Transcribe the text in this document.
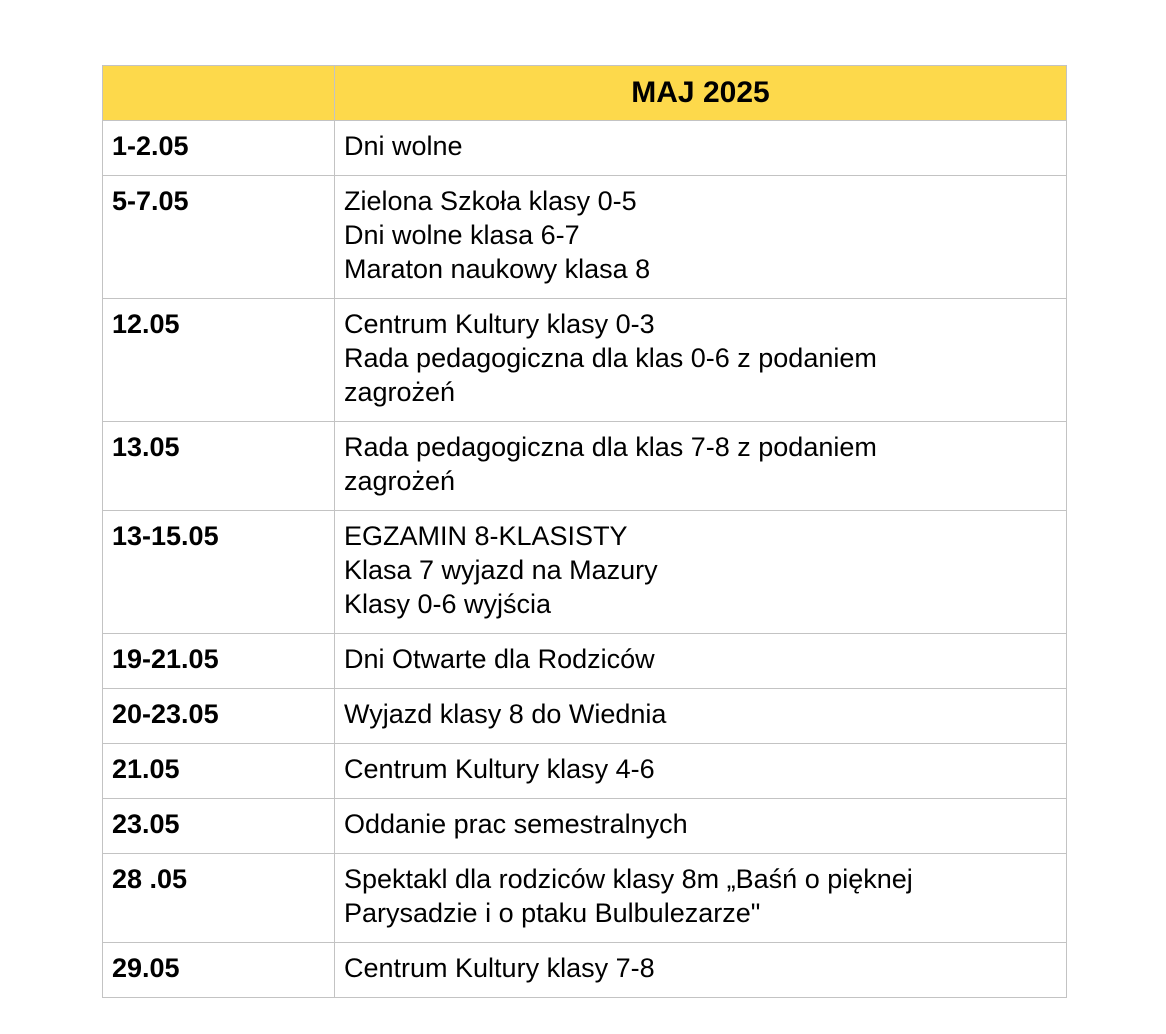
	MAJ 2025
1-2.05	Dni wolne

5-7.05	Zielona Szkoła klasy 0-5
Dni wolne klasa 6-7
Maraton naukowy klasa 8

12.05	Centrum Kultury klasy 0-3
Rada pedagogiczna dla klas 0-6 z podaniem
zagrożeń

13.05	Rada pedagogiczna dla klas 7-8 z podaniem
zagrożeń

13-15.05	EGZAMIN 8-KLASISTY
Klasa 7 wyjazd na Mazury
Klasy 0-6 wyjścia

19-21.05	Dni Otwarte dla Rodziców

20-23.05	Wyjazd klasy 8 do Wiednia

21.05	Centrum Kultury klasy 4-6

23.05	Oddanie prac semestralnych

28 .05	Spektakl dla rodziców klasy 8m „Baśń o pięknej
Parysadzie i o ptaku Bulbulezarze"

29.05	Centrum Kultury klasy 7-8
